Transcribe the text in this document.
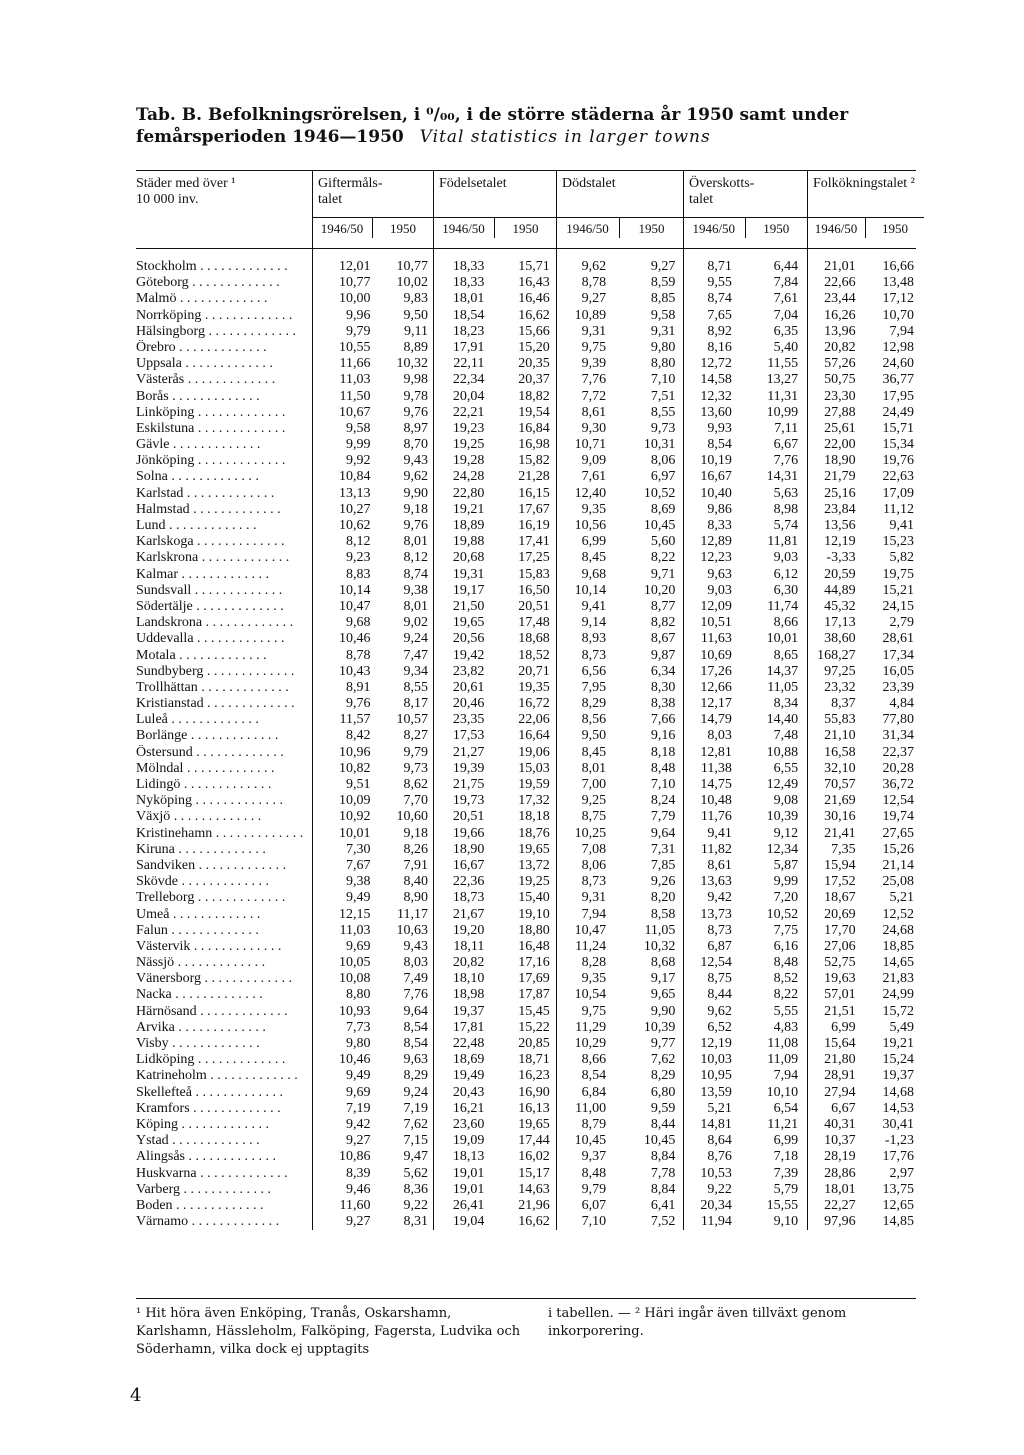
Tab. B. Befolkningsrörelsen, i ⁰/₀₀, i de större städerna år 1950 samt under femårsperioden 1946—1950 Vital statistics in larger towns
Städer med över ¹
10 000 inv.
Giftermåls-
talet
1946/50	1950
Födelsetalet
1946/50	1950
Dödstalet
1946/50	1950
Överskotts-
talet
1946/50	1950
Folkökningstalet ²
1946/50	1950
Stockholm . . . . . . . . . . . . .	12,01	10,77	18,33	15,71	9,62	9,27	8,71	6,44	21,01	16,66
Göteborg . . . . . . . . . . . . .	10,77	10,02	18,33	16,43	8,78	8,59	9,55	7,84	22,66	13,48
Malmö . . . . . . . . . . . . .	10,00	9,83	18,01	16,46	9,27	8,85	8,74	7,61	23,44	17,12
Norrköping . . . . . . . . . . . . .	9,96	9,50	18,54	16,62	10,89	9,58	7,65	7,04	16,26	10,70
Hälsingborg . . . . . . . . . . . . .	9,79	9,11	18,23	15,66	9,31	9,31	8,92	6,35	13,96	7,94
Örebro . . . . . . . . . . . . .	10,55	8,89	17,91	15,20	9,75	9,80	8,16	5,40	20,82	12,98
Uppsala . . . . . . . . . . . . .	11,66	10,32	22,11	20,35	9,39	8,80	12,72	11,55	57,26	24,60
Västerås . . . . . . . . . . . . .	11,03	9,98	22,34	20,37	7,76	7,10	14,58	13,27	50,75	36,77
Borås . . . . . . . . . . . . .	11,50	9,78	20,04	18,82	7,72	7,51	12,32	11,31	23,30	17,95
Linköping . . . . . . . . . . . . .	10,67	9,76	22,21	19,54	8,61	8,55	13,60	10,99	27,88	24,49
Eskilstuna . . . . . . . . . . . . .	9,58	8,97	19,23	16,84	9,30	9,73	9,93	7,11	25,61	15,71
Gävle . . . . . . . . . . . . .	9,99	8,70	19,25	16,98	10,71	10,31	8,54	6,67	22,00	15,34
Jönköping . . . . . . . . . . . . .	9,92	9,43	19,28	15,82	9,09	8,06	10,19	7,76	18,90	19,76
Solna . . . . . . . . . . . . .	10,84	9,62	24,28	21,28	7,61	6,97	16,67	14,31	21,79	22,63
Karlstad . . . . . . . . . . . . .	13,13	9,90	22,80	16,15	12,40	10,52	10,40	5,63	25,16	17,09
Halmstad . . . . . . . . . . . . .	10,27	9,18	19,21	17,67	9,35	8,69	9,86	8,98	23,84	11,12
Lund . . . . . . . . . . . . .	10,62	9,76	18,89	16,19	10,56	10,45	8,33	5,74	13,56	9,41
Karlskoga . . . . . . . . . . . . .	8,12	8,01	19,88	17,41	6,99	5,60	12,89	11,81	12,19	15,23
Karlskrona . . . . . . . . . . . . .	9,23	8,12	20,68	17,25	8,45	8,22	12,23	9,03	-3,33	5,82
Kalmar . . . . . . . . . . . . .	8,83	8,74	19,31	15,83	9,68	9,71	9,63	6,12	20,59	19,75
Sundsvall . . . . . . . . . . . . .	10,14	9,38	19,17	16,50	10,14	10,20	9,03	6,30	44,89	15,21
Södertälje . . . . . . . . . . . . .	10,47	8,01	21,50	20,51	9,41	8,77	12,09	11,74	45,32	24,15
Landskrona . . . . . . . . . . . . .	9,68	9,02	19,65	17,48	9,14	8,82	10,51	8,66	17,13	2,79
Uddevalla . . . . . . . . . . . . .	10,46	9,24	20,56	18,68	8,93	8,67	11,63	10,01	38,60	28,61
Motala . . . . . . . . . . . . .	8,78	7,47	19,42	18,52	8,73	9,87	10,69	8,65	168,27	17,34
Sundbyberg . . . . . . . . . . . . .	10,43	9,34	23,82	20,71	6,56	6,34	17,26	14,37	97,25	16,05
Trollhättan . . . . . . . . . . . . .	8,91	8,55	20,61	19,35	7,95	8,30	12,66	11,05	23,32	23,39
Kristianstad . . . . . . . . . . . . .	9,76	8,17	20,46	16,72	8,29	8,38	12,17	8,34	8,37	4,84
Luleå . . . . . . . . . . . . .	11,57	10,57	23,35	22,06	8,56	7,66	14,79	14,40	55,83	77,80
Borlänge . . . . . . . . . . . . .	8,42	8,27	17,53	16,64	9,50	9,16	8,03	7,48	21,10	31,34
Östersund . . . . . . . . . . . . .	10,96	9,79	21,27	19,06	8,45	8,18	12,81	10,88	16,58	22,37
Mölndal . . . . . . . . . . . . .	10,82	9,73	19,39	15,03	8,01	8,48	11,38	6,55	32,10	20,28
Lidingö . . . . . . . . . . . . .	9,51	8,62	21,75	19,59	7,00	7,10	14,75	12,49	70,57	36,72
Nyköping . . . . . . . . . . . . .	10,09	7,70	19,73	17,32	9,25	8,24	10,48	9,08	21,69	12,54
Växjö . . . . . . . . . . . . .	10,92	10,60	20,51	18,18	8,75	7,79	11,76	10,39	30,16	19,74
Kristinehamn . . . . . . . . . . . . .	10,01	9,18	19,66	18,76	10,25	9,64	9,41	9,12	21,41	27,65
Kiruna . . . . . . . . . . . . .	7,30	8,26	18,90	19,65	7,08	7,31	11,82	12,34	7,35	15,26
Sandviken . . . . . . . . . . . . .	7,67	7,91	16,67	13,72	8,06	7,85	8,61	5,87	15,94	21,14
Skövde . . . . . . . . . . . . .	9,38	8,40	22,36	19,25	8,73	9,26	13,63	9,99	17,52	25,08
Trelleborg . . . . . . . . . . . . .	9,49	8,90	18,73	15,40	9,31	8,20	9,42	7,20	18,67	5,21
Umeå . . . . . . . . . . . . .	12,15	11,17	21,67	19,10	7,94	8,58	13,73	10,52	20,69	12,52
Falun . . . . . . . . . . . . .	11,03	10,63	19,20	18,80	10,47	11,05	8,73	7,75	17,70	24,68
Västervik . . . . . . . . . . . . .	9,69	9,43	18,11	16,48	11,24	10,32	6,87	6,16	27,06	18,85
Nässjö . . . . . . . . . . . . .	10,05	8,03	20,82	17,16	8,28	8,68	12,54	8,48	52,75	14,65
Vänersborg . . . . . . . . . . . . .	10,08	7,49	18,10	17,69	9,35	9,17	8,75	8,52	19,63	21,83
Nacka . . . . . . . . . . . . .	8,80	7,76	18,98	17,87	10,54	9,65	8,44	8,22	57,01	24,99
Härnösand . . . . . . . . . . . . .	10,93	9,64	19,37	15,45	9,75	9,90	9,62	5,55	21,51	15,72
Arvika . . . . . . . . . . . . .	7,73	8,54	17,81	15,22	11,29	10,39	6,52	4,83	6,99	5,49
Visby . . . . . . . . . . . . .	9,80	8,54	22,48	20,85	10,29	9,77	12,19	11,08	15,64	19,21
Lidköping . . . . . . . . . . . . .	10,46	9,63	18,69	18,71	8,66	7,62	10,03	11,09	21,80	15,24
Katrineholm . . . . . . . . . . . . .	9,49	8,29	19,49	16,23	8,54	8,29	10,95	7,94	28,91	19,37
Skellefteå . . . . . . . . . . . . .	9,69	9,24	20,43	16,90	6,84	6,80	13,59	10,10	27,94	14,68
Kramfors . . . . . . . . . . . . .	7,19	7,19	16,21	16,13	11,00	9,59	5,21	6,54	6,67	14,53
Köping . . . . . . . . . . . . .	9,42	7,62	23,60	19,65	8,79	8,44	14,81	11,21	40,31	30,41
Ystad . . . . . . . . . . . . .	9,27	7,15	19,09	17,44	10,45	10,45	8,64	6,99	10,37	-1,23
Alingsås . . . . . . . . . . . . .	10,86	9,47	18,13	16,02	9,37	8,84	8,76	7,18	28,19	17,76
Huskvarna . . . . . . . . . . . . .	8,39	5,62	19,01	15,17	8,48	7,78	10,53	7,39	28,86	2,97
Varberg . . . . . . . . . . . . .	9,46	8,36	19,01	14,63	9,79	8,84	9,22	5,79	18,01	13,75
Boden . . . . . . . . . . . . .	11,60	9,22	26,41	21,96	6,07	6,41	20,34	15,55	22,27	12,65
Värnamo . . . . . . . . . . . . .	9,27	8,31	19,04	16,62	7,10	7,52	11,94	9,10	97,96	14,85
¹ Hit höra även Enköping, Tranås, Oskarshamn, Karlshamn, Hässleholm, Falköping, Fagersta, Ludvika och Söderhamn, vilka dock ej upptagits
i tabellen. — ² Häri ingår även tillväxt genom inkorporering.
4
